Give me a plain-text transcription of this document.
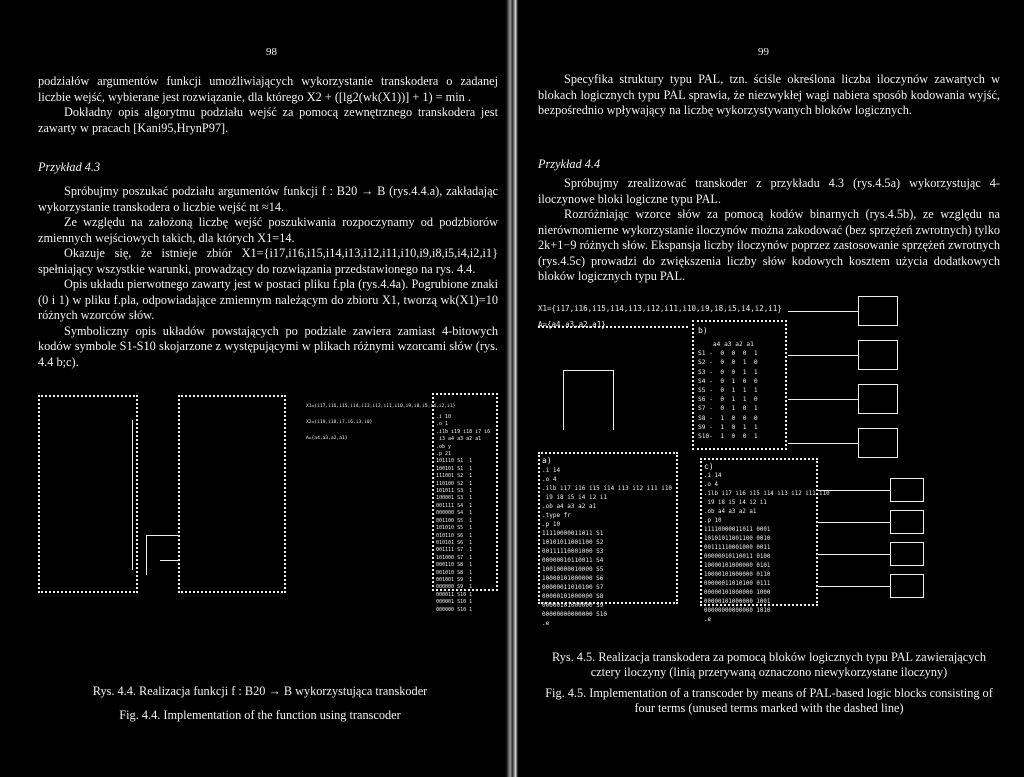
98

podziałów argumentów funkcji umożliwiających wykorzystanie transkodera o zadanej liczbie wejść, wybierane jest rozwiązanie, dla którego X2 + ([lg2(wk(X1))] + 1) = min .

Dokładny opis algorytmu podziału wejść za pomocą zewnętrznego transkodera jest zawarty w pracach [Kani95,HrynP97].

Przykład 4.3

Spróbujmy poszukać podziału argumentów funkcji f : B20 → B (rys.4.4.a), zakładając wykorzystanie transkodera o liczbie wejść nt ≈14.

Ze względu na założoną liczbę wejść poszukiwania rozpoczynamy od podzbiorów zmiennych wejściowych takich, dla których X1=14.

Okazuje się, że istnieje zbiór X1={i17,i16,i15,i14,i13,i12,i11,i10,i9,i8,i5,i4,i2,i1} spełniający wszystkie warunki, prowadzący do rozwiązania przedstawionego na rys. 4.4.

Opis układu pierwotnego zawarty jest w postaci pliku f.pla (rys.4.4a). Pogrubione znaki (0 i 1) w pliku f.pla, odpowiadające zmiennym należącym do zbioru X1, tworzą wk(X1)=10 różnych wzorców słów.

Symboliczny opis układów powstających po podziale zawiera zamiast 4-bitowych kodów symbole S1-S10 skojarzone z występującymi w plikach różnymi wzorcami słów (rys. 4.4 b;c).

X1={i17,i16,i15,i14,i13,i12,i11,i10,i9,i8,i5,i4,i2,i1}
X2={i19,i18,i7,i6,i3,i0}
A={a4,a3,a2,a1}
.i 10
.o 1
.ilb i19 i18 i7 i6
i3 a4 a3 a2 a1
.ob y
.p 21
101110 S1  1
100101 S1  1
111001 S2  1
110100 S2  1
101011 S3  1
100001 S3  1
001111 S4  1
000000 S4  1
001100 S5  1
101010 S5  1
010110 S6  1
010101 S6  1
001111 S7  1
101000 S7  1
000110 S8  1
001010 S8  1
001001 S9  1
000000 S9  1
000011 S10 1
000001 S10 1
000000 S10 1
Rys. 4.4. Realizacja funkcji f : B20 → B wykorzystująca transkoder
Fig. 4.4. Implementation of the function using transcoder
99

Specyfika struktury typu PAL, tzn. ściśle określona liczba iloczynów zawartych w blokach logicznych typu PAL sprawia, że niezwykłej wagi nabiera sposób kodowania wyjść, bezpośrednio wpływający na liczbę wykorzystywanych bloków logicznych.

Przykład 4.4

Spróbujmy zrealizować transkoder z przykładu 4.3 (rys.4.5a) wykorzystując 4-iloczynowe bloki logiczne typu PAL.

Rozróżniając wzorce słów za pomocą kodów binarnych (rys.4.5b), ze względu na nierównomierne wykorzystanie iloczynów można zakodować (bez sprzężeń zwrotnych) tylko 2k+1−9 różnych słów. Ekspansja liczby iloczynów poprzez zastosowanie sprzężeń zwrotnych (rys.4.5c) prowadzi do zwiększenia liczby słów kodowych kosztem użycia dodatkowych bloków logicznych typu PAL.

X1={i17,i16,i15,i14,i13,i12,i11,i10,i9,i8,i5,i4,i2,i1}
A={a4,a3,a2,a1}
b)
a4 a3 a2 a1
S1 -  0  0  0  1
S2 -  0  0  1  0
S3 -  0  0  1  1
S4 -  0  1  0  0
S5 -  0  1  1  1
S6 -  0  1  1  0
S7 -  0  1  0  1
S8 -  1  0  0  0
S9 -  1  0  1  1
S10-  1  0  0  1
a)
.i 14
.o 4
.ilb i17 i16 i15 i14 i13 i12 i11 i10
i9 i8 i5 i4 i2 i1
.ob a4 a3 a2 a1
.type fr
.p 10
11110000011011 S1
10101011001100 S2
00111110001000 S3
00000010110011 S4
10010000010000 S5
10000101000000 S6
00000011010100 S7
00000101000000 S8
00000101000000 S9
00000000000000 S10
.e
c)
.i 14
.o 4
.ilb i17 i16 i15 i14 i13 i12 i11 i10
i9 i8 i5 i4 i2 i1
.ob a4 a3 a2 a1
.p 10
11110000011011 0001
10101011001100 0010
00111110001000 0011
00000010110011 0100
10000101000000 0101
10000101000000 0110
00000011010100 0111
00000101000000 1000
00000101000000 1001
00000000000000 1010
.e
Rys. 4.5. Realizacja transkodera za pomocą bloków logicznych typu PAL zawierających cztery iloczyny (linią przerywaną oznaczono niewykorzystane iloczyny)
Fig. 4.5. Implementation of a transcoder by means of PAL-based logic blocks consisting of four terms (unused terms marked with the dashed line)
